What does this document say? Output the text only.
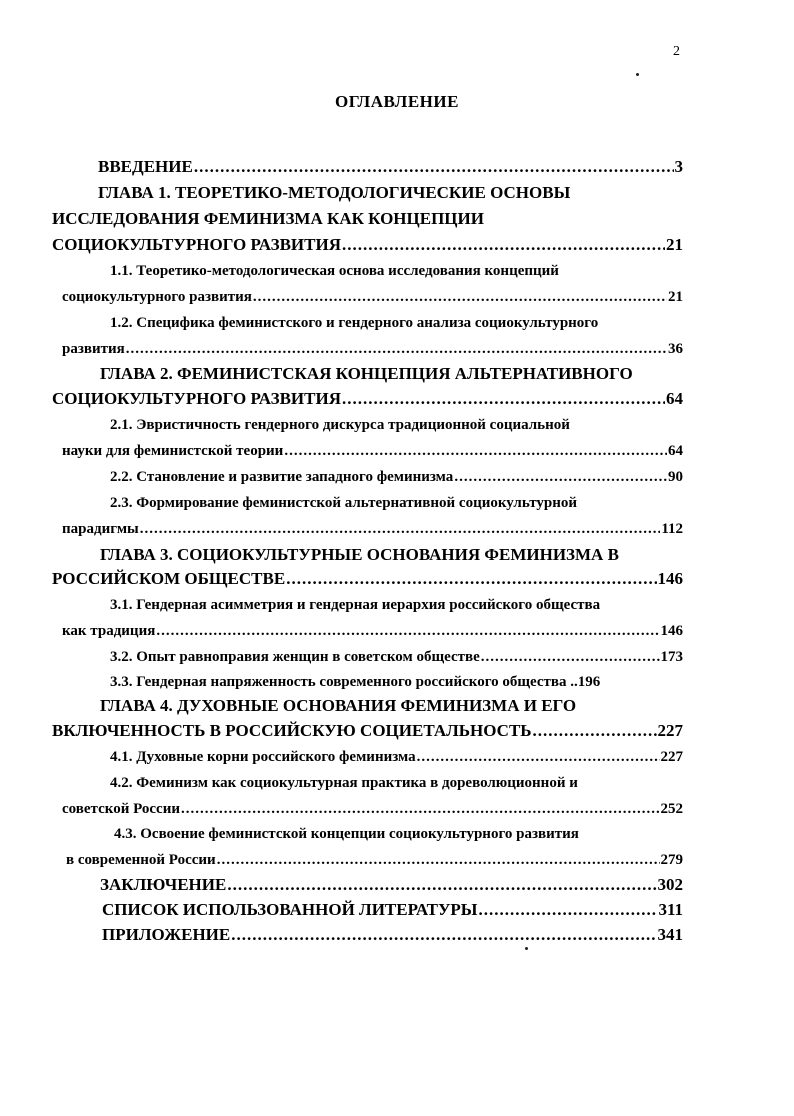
2
ОГЛАВЛЕНИЕ
ВВЕДЕНИЕ .....	3
ГЛАВА 1. ТЕОРЕТИКО-МЕТОДОЛОГИЧЕСКИЕ ОСНОВЫ
ИССЛЕДОВАНИЯ ФЕМИНИЗМА КАК КОНЦЕПЦИИ
СОЦИОКУЛЬТУРНОГО РАЗВИТИЯ .....	21
1.1. Теоретико-методологическая основа исследования концепций
социокультурного развития .....	21
1.2. Специфика феминистского и гендерного анализа социокультурного
развития .....	36
ГЛАВА 2. ФЕМИНИСТСКАЯ КОНЦЕПЦИЯ АЛЬТЕРНАТИВНОГО
СОЦИОКУЛЬТУРНОГО РАЗВИТИЯ .....	64
2.1. Эвристичность гендерного дискурса традиционной социальной
науки для феминистской теории .....	64
2.2. Становление и развитие западного феминизма .....	90
2.3. Формирование феминистской альтернативной социокультурной
парадигмы .....	112
ГЛАВА 3. СОЦИОКУЛЬТУРНЫЕ ОСНОВАНИЯ ФЕМИНИЗМА В
РОССИЙСКОМ ОБЩЕСТВЕ .....	146
3.1. Гендерная асимметрия и гендерная иерархия российского общества
как традиция .....	146
3.2. Опыт равноправия женщин в советском обществе .....	173
3.3. Гендерная напряженность современного российского общества .. 196
ГЛАВА 4. ДУХОВНЫЕ ОСНОВАНИЯ ФЕМИНИЗМА И ЕГО
ВКЛЮЧЕННОСТЬ В РОССИЙСКУЮ СОЦИЕТАЛЬНОСТЬ .....	227
4.1. Духовные корни российского феминизма .....	227
4.2. Феминизм как социокультурная практика в дореволюционной и
советской России .....	252
4.3. Освоение феминистской концепции социокультурного развития
в современной России .....	279
ЗАКЛЮЧЕНИЕ .....	302
СПИСОК ИСПОЛЬЗОВАННОЙ ЛИТЕРАТУРЫ .....	311
ПРИЛОЖЕНИЕ .....	341
